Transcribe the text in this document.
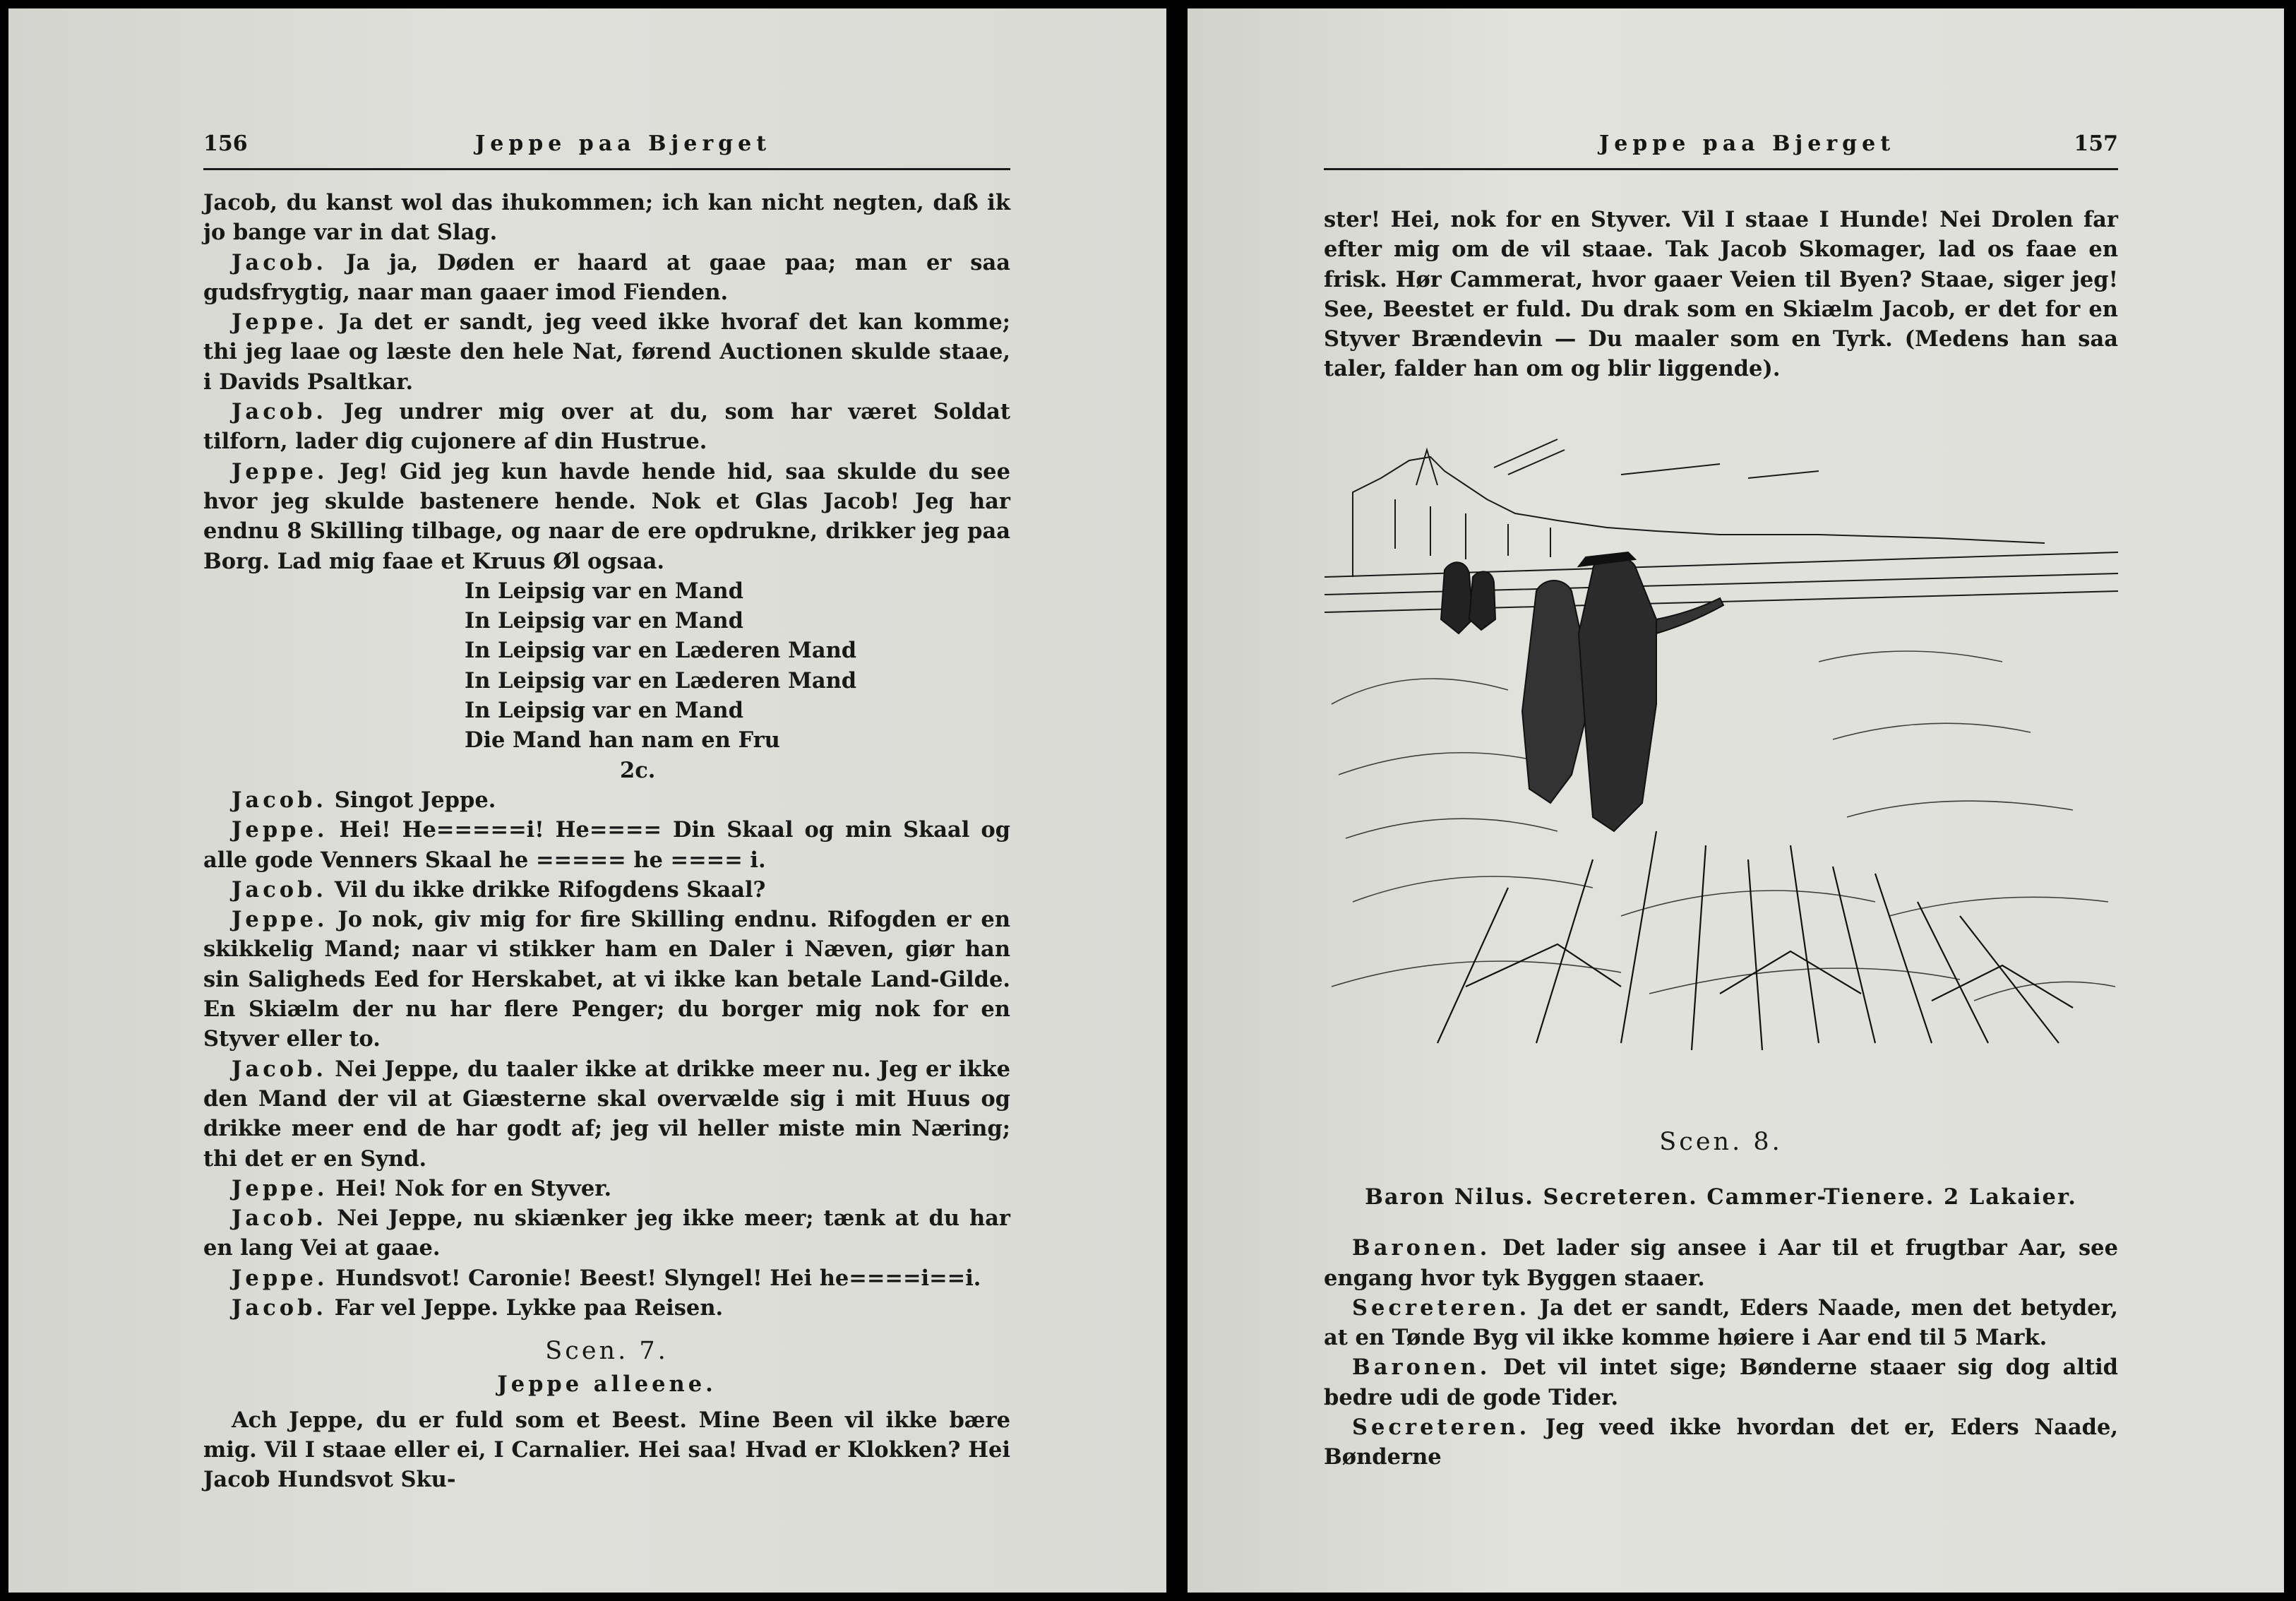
156	Jeppe paa Bjerget

Jacob, du kanst wol das ihukommen; ich kan nicht negten, daß ik jo bange var in dat Slag.

Jacob. Ja ja, Døden er haard at gaae paa; man er saa gudsfrygtig, naar man gaaer imod Fienden.

Jeppe. Ja det er sandt, jeg veed ikke hvoraf det kan komme; thi jeg laae og læste den hele Nat, førend Auctionen skulde staae, i Davids Psaltkar.

Jacob. Jeg undrer mig over at du, som har været Soldat tilforn, lader dig cujonere af din Hustrue.

Jeppe. Jeg! Gid jeg kun havde hende hid, saa skulde du see hvor jeg skulde bastenere hende. Nok et Glas Jacob! Jeg har endnu 8 Skilling tilbage, og naar de ere opdrukne, drikker jeg paa Borg. Lad mig faae et Kruus Øl ogsaa.

In Leipsig var en Mand

In Leipsig var en Mand

In Leipsig var en Læderen Mand

In Leipsig var en Læderen Mand

In Leipsig var en Mand

Die Mand han nam en Fru

2c.

Jacob. Singot Jeppe.

Jeppe. Hei! He=====i! He==== Din Skaal og min Skaal og alle gode Venners Skaal he ===== he ==== i.

Jacob. Vil du ikke drikke Rifogdens Skaal?

Jeppe. Jo nok, giv mig for fire Skilling endnu. Rifogden er en skikkelig Mand; naar vi stikker ham en Daler i Næven, giør han sin Saligheds Eed for Herskabet, at vi ikke kan betale Land-Gilde. En Skiælm der nu har flere Penger; du borger mig nok for en Styver eller to.

Jacob. Nei Jeppe, du taaler ikke at drikke meer nu. Jeg er ikke den Mand der vil at Giæsterne skal overvælde sig i mit Huus og drikke meer end de har godt af; jeg vil heller miste min Næring; thi det er en Synd.

Jeppe. Hei! Nok for en Styver.

Jacob. Nei Jeppe, nu skiænker jeg ikke meer; tænk at du har en lang Vei at gaae.

Jeppe. Hundsvot! Caronie! Beest! Slyngel! Hei he====i==i.

Jacob. Far vel Jeppe. Lykke paa Reisen.

Scen. 7.

Jeppe alleene.

Ach Jeppe, du er fuld som et Beest. Mine Been vil ikke bære mig. Vil I staae eller ei, I Carnalier. Hei saa! Hvad er Klokken? Hei Jacob Hundsvot Sku-

Jeppe paa Bjerget	157

ster! Hei, nok for en Styver. Vil I staae I Hunde! Nei Drolen far efter mig om de vil staae. Tak Jacob Skomager, lad os faae en frisk. Hør Cammerat, hvor gaaer Veien til Byen? Staae, siger jeg! See, Beestet er fuld. Du drak som en Skiælm Jacob, er det for en Styver Brændevin — Du maaler som en Tyrk. (Medens han saa taler, falder han om og blir liggende).

Scen. 8.

Baron Nilus. Secreteren. Cammer-Tienere. 2 Lakaier.

Baronen. Det lader sig ansee i Aar til et frugtbar Aar, see engang hvor tyk Byggen staaer.

Secreteren. Ja det er sandt, Eders Naade, men det betyder, at en Tønde Byg vil ikke komme høiere i Aar end til 5 Mark.

Baronen. Det vil intet sige; Bønderne staaer sig dog altid bedre udi de gode Tider.

Secreteren. Jeg veed ikke hvordan det er, Eders Naade, Bønderne
